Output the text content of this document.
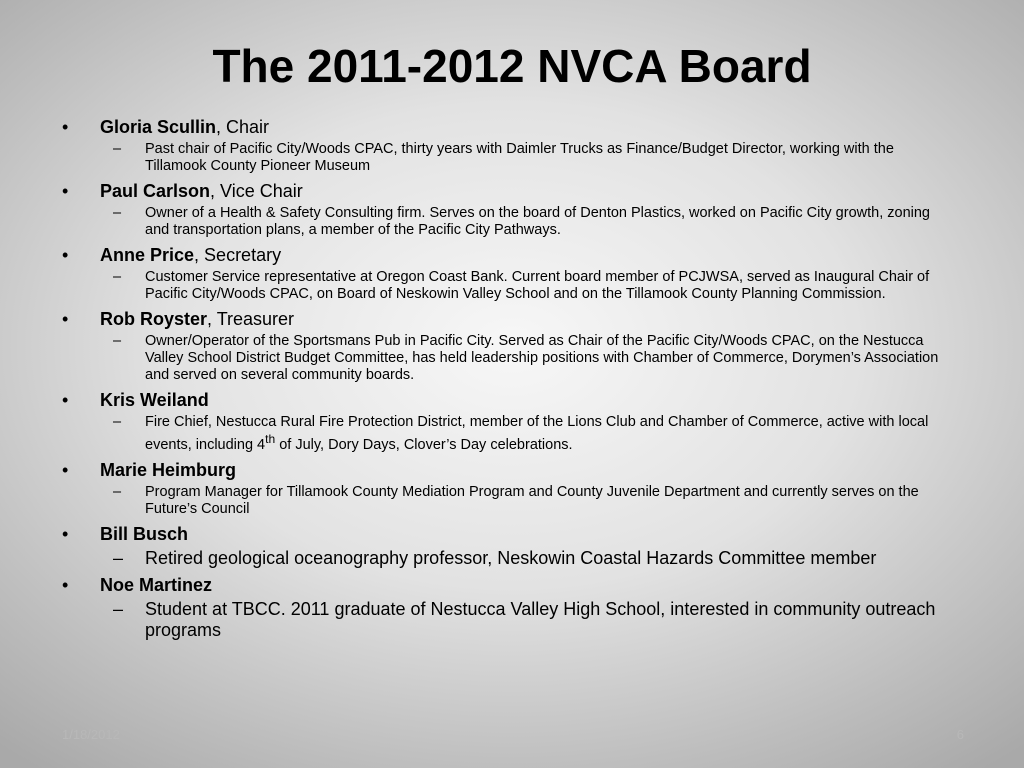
The 2011-2012 NVCA Board
• Gloria Scullin, Chair
– Past chair of Pacific City/Woods CPAC, thirty years with Daimler Trucks as Finance/Budget Director, working with the Tillamook County Pioneer Museum
• Paul Carlson, Vice Chair
– Owner of a Health & Safety Consulting firm. Serves on the board of Denton Plastics, worked on Pacific City growth, zoning and transportation plans, a member of the Pacific City Pathways.
• Anne Price, Secretary
– Customer Service representative at Oregon Coast Bank. Current board member of PCJWSA, served as Inaugural Chair of Pacific City/Woods CPAC, on Board of Neskowin Valley School and on the Tillamook County Planning Commission.
• Rob Royster, Treasurer
– Owner/Operator of the Sportsmans Pub in Pacific City. Served as Chair of the Pacific City/Woods CPAC, on the Nestucca Valley School District Budget Committee, has held leadership positions with Chamber of Commerce, Dorymen’s Association and served on several community boards.
• Kris Weiland
– Fire Chief, Nestucca Rural Fire Protection District, member of the Lions Club and Chamber of Commerce, active with local events, including 4th of July, Dory Days, Clover’s Day celebrations.
• Marie Heimburg
– Program Manager for Tillamook County Mediation Program and County Juvenile Department and currently serves on the Future’s Council
• Bill Busch
– Retired geological oceanography professor, Neskowin Coastal Hazards Committee member
• Noe Martinez
– Student at TBCC. 2011 graduate of Nestucca Valley High School, interested in community outreach programs
1/18/2012	6
